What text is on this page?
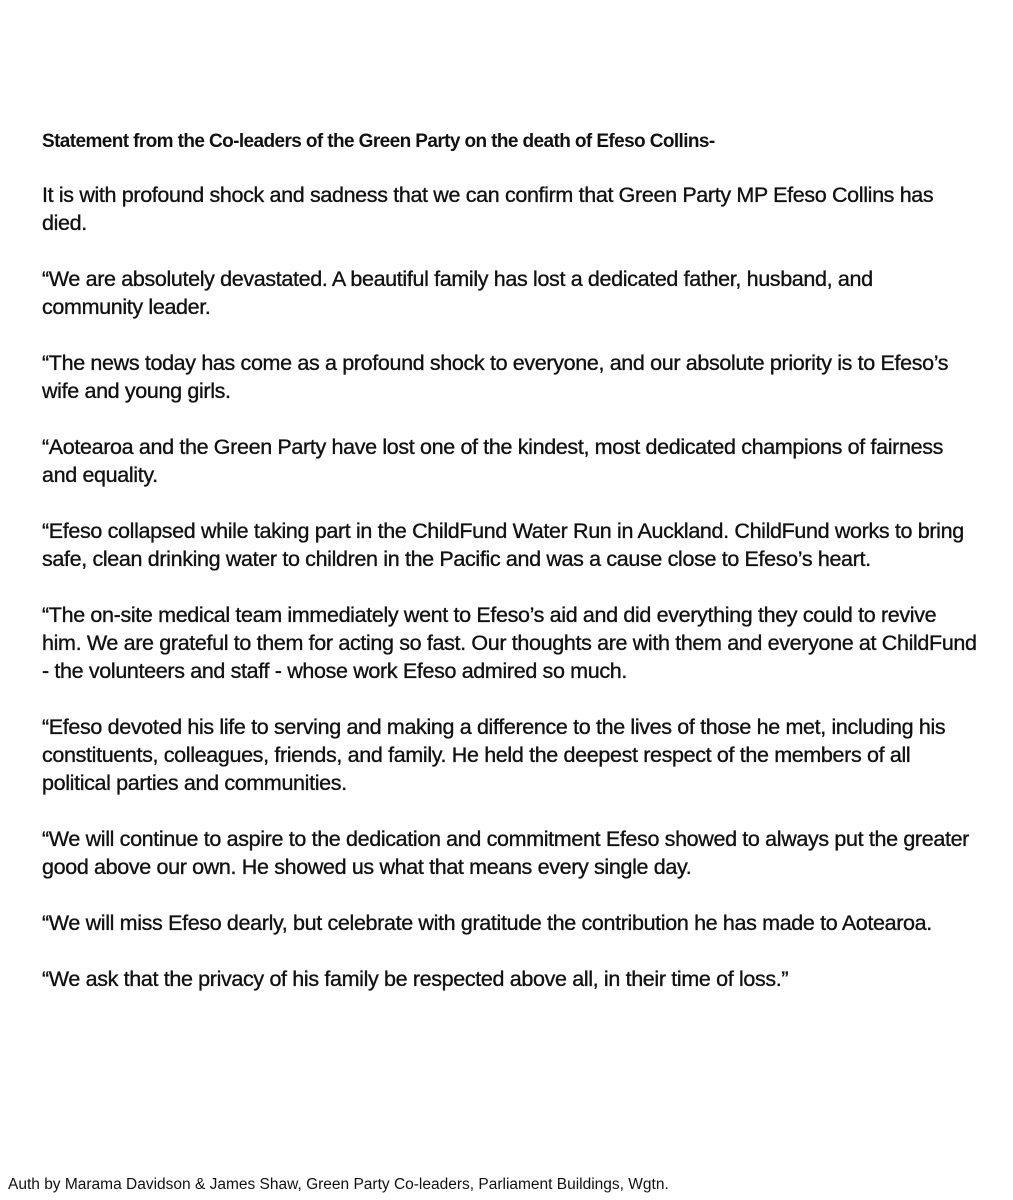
Statement from the Co-leaders of the Green Party on the death of Efeso Collins-

It is with profound shock and sadness that we can confirm that Green Party MP Efeso Collins has died.

“We are absolutely devastated. A beautiful family has lost a dedicated father, husband, and community leader.

“The news today has come as a profound shock to everyone, and our absolute priority is to Efeso’s wife and young girls.

“Aotearoa and the Green Party have lost one of the kindest, most dedicated champions of fairness and equality.

“Efeso collapsed while taking part in the ChildFund Water Run in Auckland. ChildFund works to bring safe, clean drinking water to children in the Pacific and was a cause close to Efeso’s heart.

“The on-site medical team immediately went to Efeso’s aid and did everything they could to revive him. We are grateful to them for acting so fast. Our thoughts are with them and everyone at ChildFund - the volunteers and staff - whose work Efeso admired so much.

“Efeso devoted his life to serving and making a difference to the lives of those he met, including his constituents, colleagues, friends, and family. He held the deepest respect of the members of all political parties and communities.

“We will continue to aspire to the dedication and commitment Efeso showed to always put the greater good above our own. He showed us what that means every single day.

“We will miss Efeso dearly, but celebrate with gratitude the contribution he has made to Aotearoa.

“We ask that the privacy of his family be respected above all, in their time of loss.”

Auth by Marama Davidson & James Shaw, Green Party Co-leaders, Parliament Buildings, Wgtn.
